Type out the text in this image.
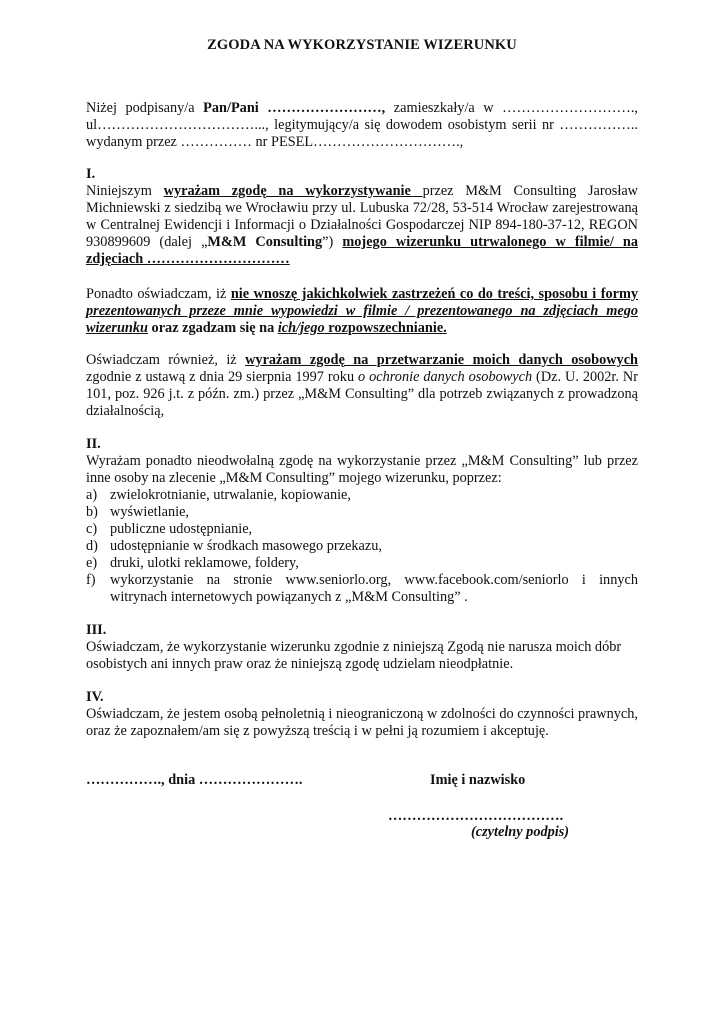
ZGODA NA WYKORZYSTANIE WIZERUNKU

Niżej podpisany/a Pan/Pani ……………………, zamieszkały/a w ……………………….,

ul……………………………..., legitymujący/a się dowodem osobistym serii nr ……………..

wydanym przez …………… nr PESEL………………………….,

I.

Niniejszym wyrażam zgodę na wykorzystywanie przez M&M Consulting Jarosław Michniewski z siedzibą we Wrocławiu przy ul. Lubuska 72/28, 53-514 Wrocław zarejestrowaną w Centralnej Ewidencji i Informacji o Działalności Gospodarczej NIP 894-180-37-12, REGON 930899609 (dalej „M&M Consulting”) mojego wizerunku utrwalonego w filmie/ na zdjęciach …………………………

Ponadto oświadczam, iż nie wnoszę jakichkolwiek zastrzeżeń co do treści, sposobu i formy prezentowanych przeze mnie wypowiedzi w filmie / prezentowanego na zdjęciach mego wizerunku oraz zgadzam się na ich/jego rozpowszechnianie.

Oświadczam również, iż wyrażam zgodę na przetwarzanie moich danych osobowych zgodnie z ustawą z dnia 29 sierpnia 1997 roku o ochronie danych osobowych (Dz. U. 2002r. Nr 101, poz. 926 j.t. z późn. zm.) przez „M&M Consulting” dla potrzeb związanych z prowadzoną działalnością,

II.

Wyrażam ponadto nieodwołalną zgodę na wykorzystanie przez „M&M Consulting” lub przez inne osoby na zlecenie „M&M Consulting” mojego wizerunku, poprzez:

a) zwielokrotnianie, utrwalanie, kopiowanie,
b) wyświetlanie,
c) publiczne udostępnianie,
d) udostępnianie w środkach masowego przekazu,
e) druki, ulotki reklamowe, foldery,
f)	wykorzystanie na stronie www.seniorlo.org, www.facebook.com/seniorlo i innych witrynach internetowych powiązanych z „M&M Consulting” .

III.

Oświadczam, że wykorzystanie wizerunku zgodnie z niniejszą Zgodą nie narusza moich dóbr

osobistych ani innych praw oraz że niniejszą zgodę udzielam nieodpłatnie.

IV.

Oświadczam, że jestem osobą pełnoletnią i nieograniczoną w zdolności do czynności prawnych, oraz że zapoznałem/am się z powyższą treścią i w pełni ją rozumiem i akceptuję.

……………., dnia ………………….	Imię i nazwisko
……………………………….
(czytelny podpis)
